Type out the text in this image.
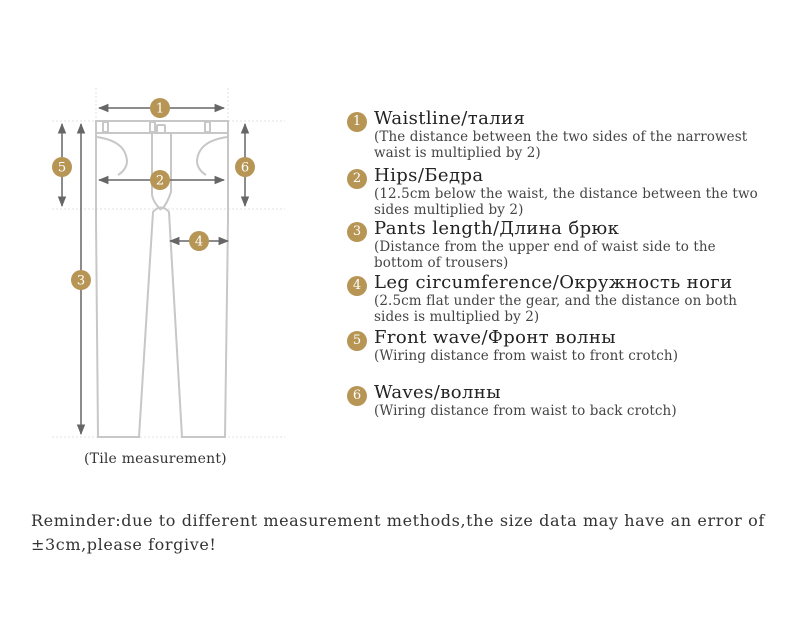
1
2
3
4
5	6
(Tile measurement)
1 Waistline/талия
(The distance between the two sides of the narrowest waist is multiplied by 2)
2 Hips/Бедра
(12.5cm below the waist, the distance between the two sides multiplied by 2)
3 Pants length/Длина брюк
(Distance from the upper end of waist side to the bottom of trousers)
4 Leg circumference/Окружность ноги
(2.5cm flat under the gear, and the distance on both sides is multiplied by 2)
5 Front wave/Фронт волны
(Wiring distance from waist to front crotch)
6 Waves/волны
(Wiring distance from waist to back crotch)
Reminder:due to different measurement methods,the size data may have an error of ±3cm,please forgive!
